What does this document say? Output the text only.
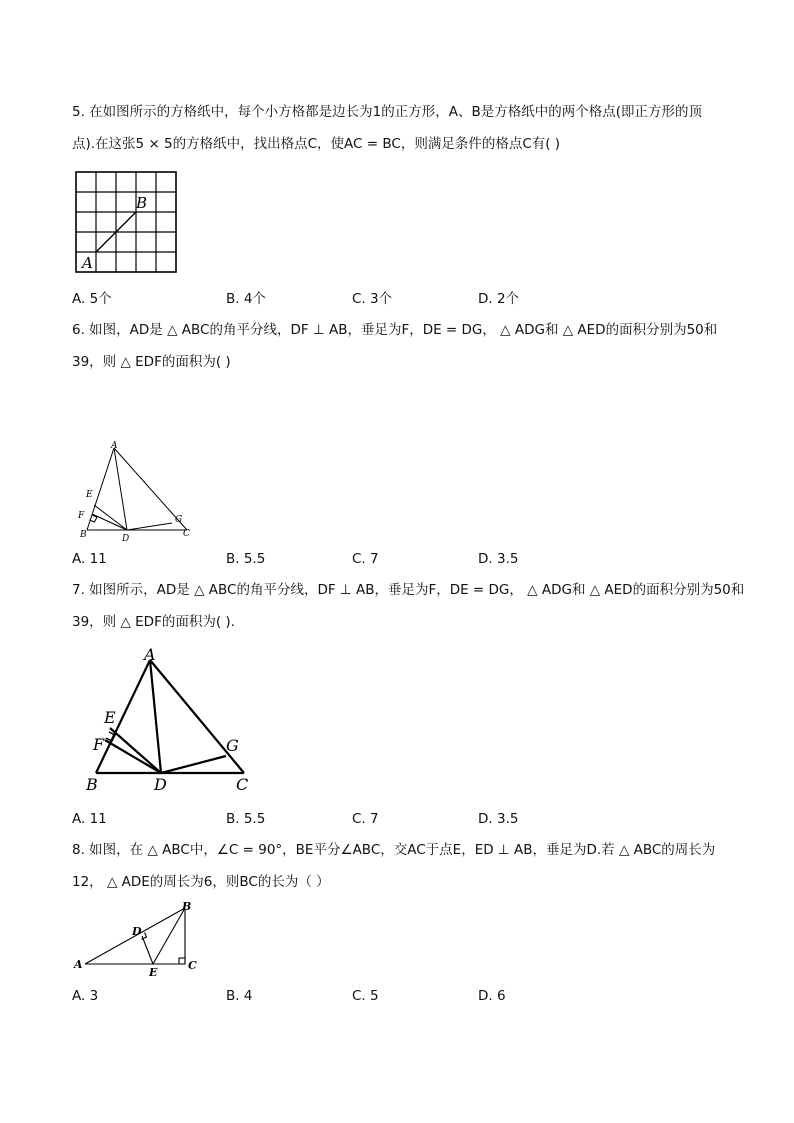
5. 在如图所示的方格纸中，每个小方格都是边长为1的正方形，A、B是方格纸中的两个格点(即正方形的顶
点).在这张5 × 5的方格纸中，找出格点C，使AC = BC，则满足条件的格点C有( )
B
A
A. 5个	B. 4个	C. 3个	D. 2个
6. 如图，AD是 △ ABC的角平分线，DF ⊥ AB，垂足为F，DE = DG， △ ADG和 △ AED的面积分别为50和
39，则 △ EDF的面积为( )
A
E
F
B	D
G
C
A. 11	B. 5.5	C. 7	D. 3.5
7. 如图所示，AD是 △ ABC的角平分线，DF ⊥ AB，垂足为F，DE = DG， △ ADG和 △ AED的面积分别为50和
39，则 △ EDF的面积为( ).
A
E
F
B	D
G
C
A. 11	B. 5.5	C. 7	D. 3.5
8. 如图，在 △ ABC中，∠C = 90°，BE平分∠ABC，交AC于点E，ED ⊥ AB，垂足为D.若 △ ABC的周长为
12， △ ADE的周长为6，则BC的长为（ ）
B
D
A
E
C
A. 3	B. 4	C. 5	D. 6
